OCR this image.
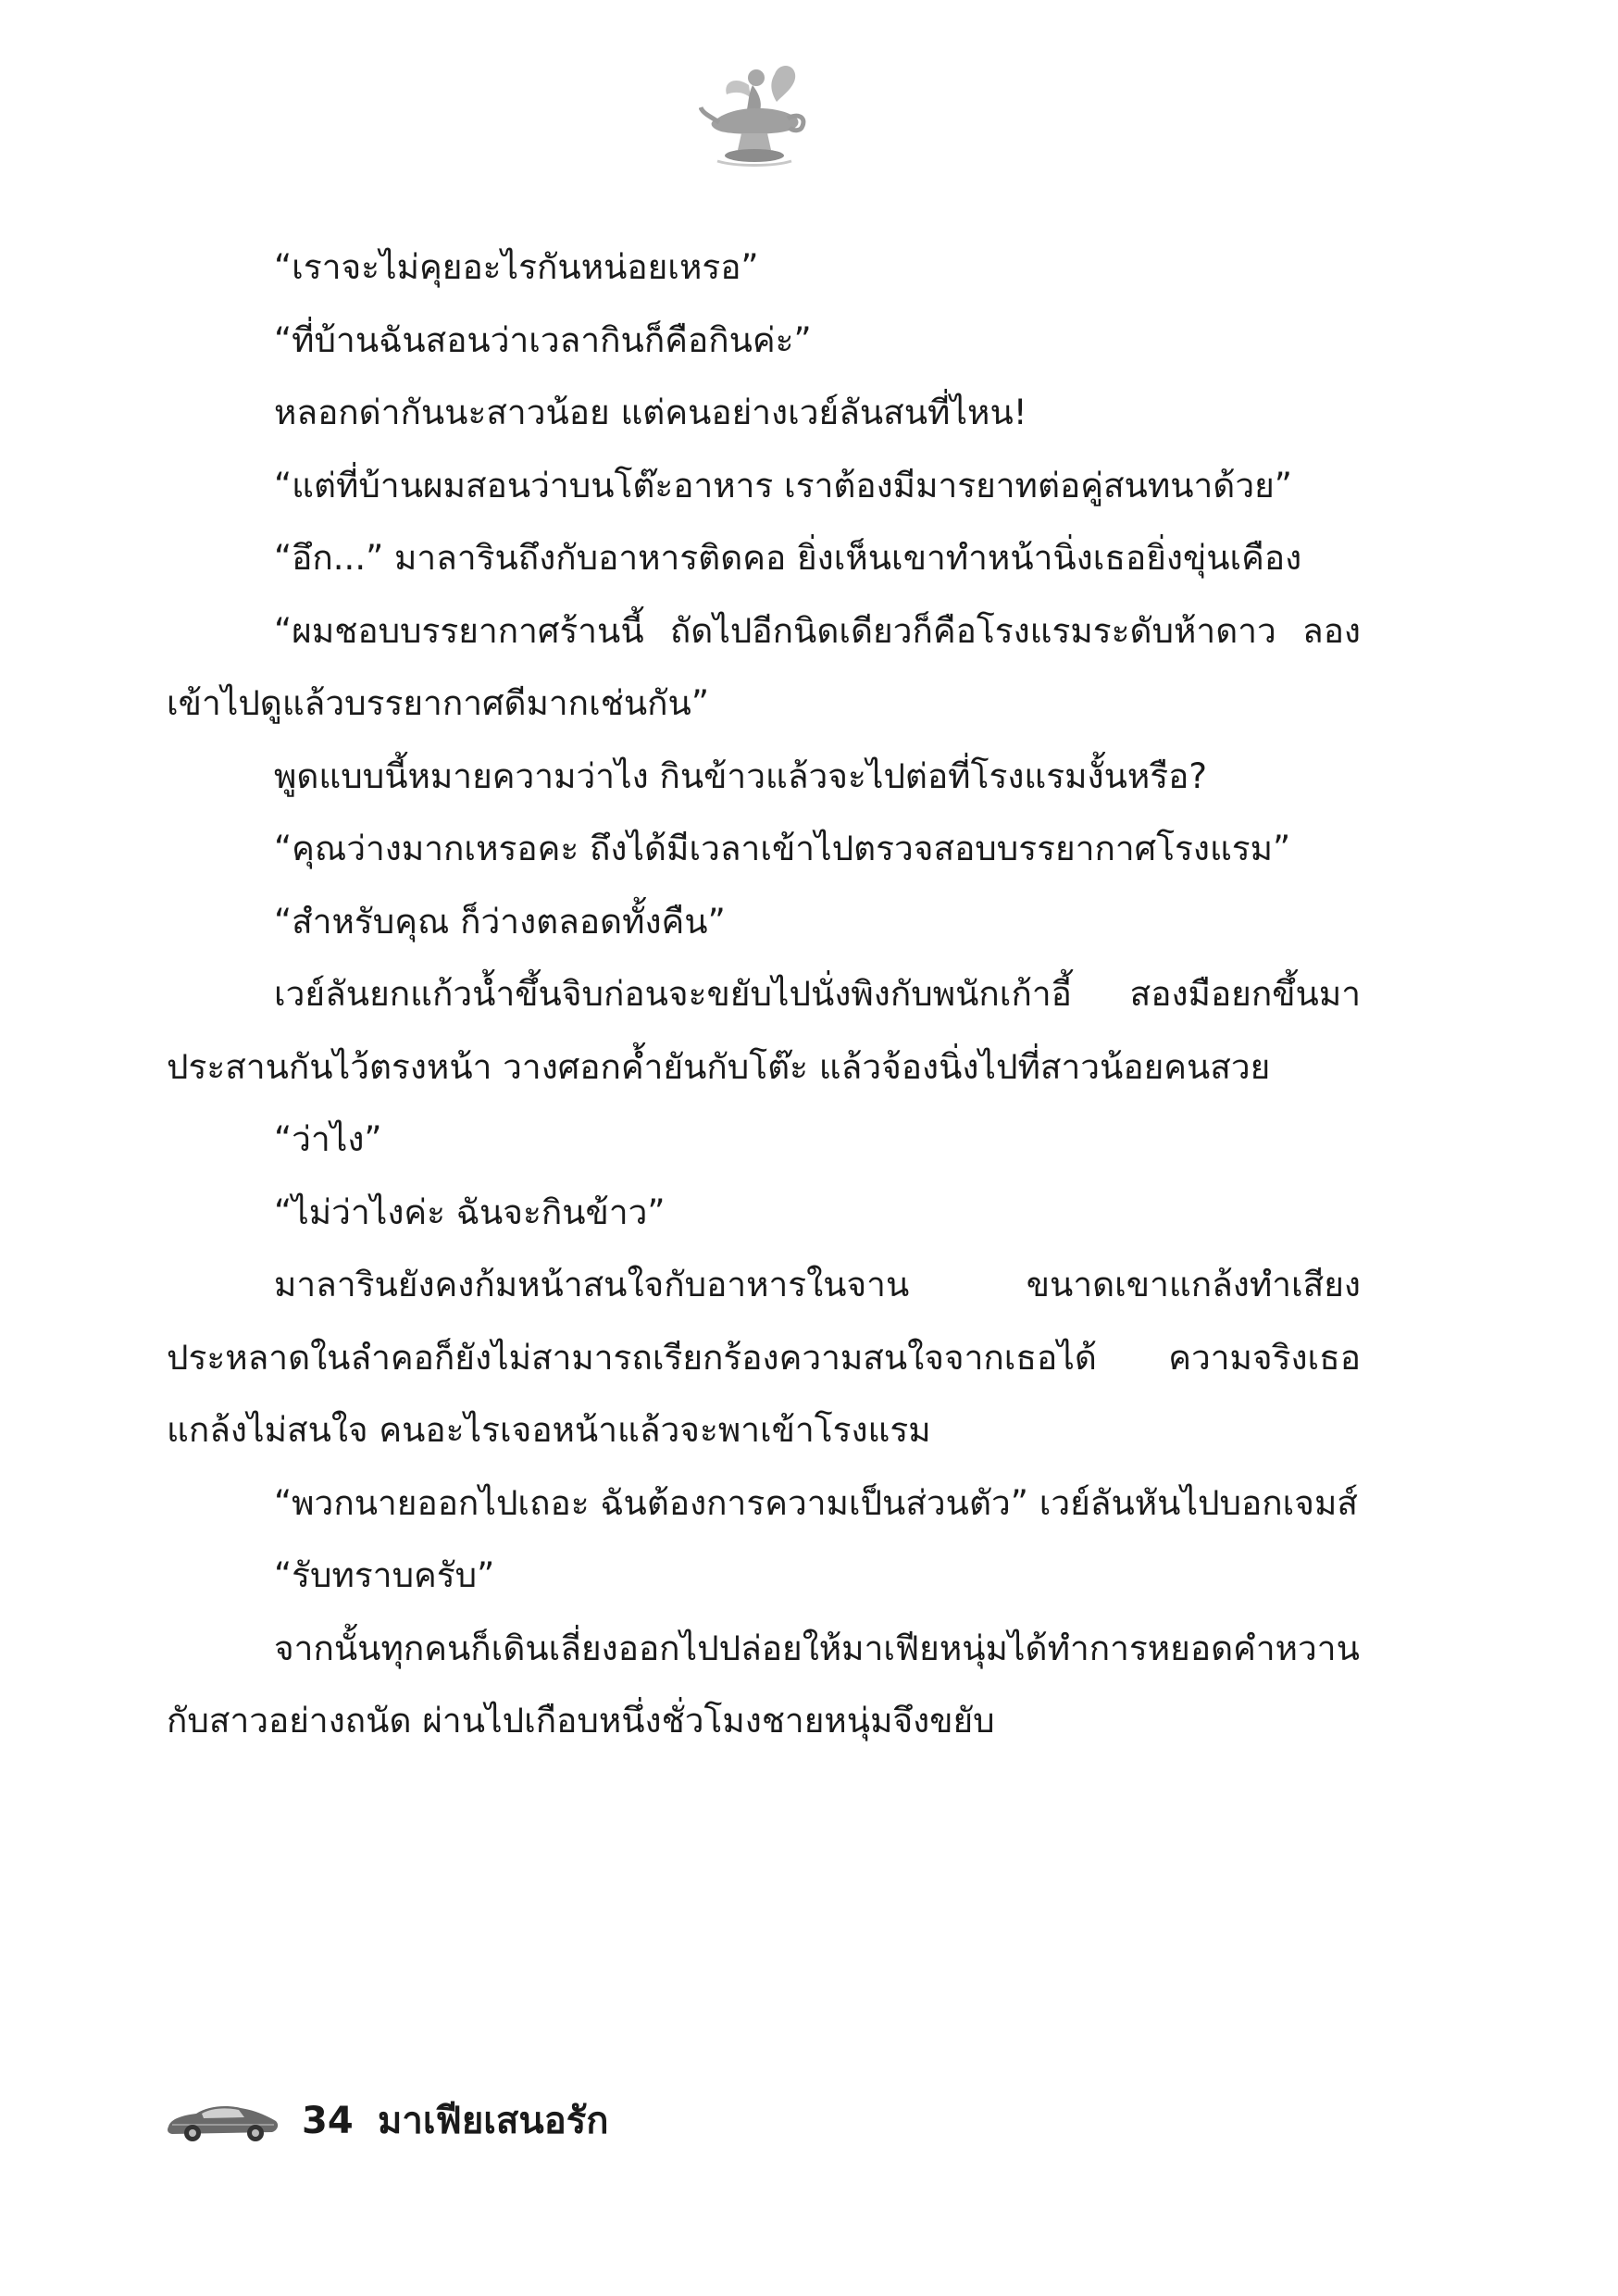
“เราจะไม่คุยอะไรกันหน่อยเหรอ”

“ที่บ้านฉันสอนว่าเวลากินก็คือกินค่ะ”

หลอกด่ากันนะสาวน้อย แต่คนอย่างเวย์ลันสนที่ไหน!

“แต่ที่บ้านผมสอนว่าบนโต๊ะอาหาร เราต้องมีมารยาทต่อคู่สนทนาด้วย”

“อึก...” มาลารินถึงกับอาหารติดคอ ยิ่งเห็นเขาทำหน้านิ่งเธอยิ่งขุ่นเคือง

“ผมชอบบรรยากาศร้านนี้ ถัดไปอีกนิดเดียวก็คือโรงแรมระดับห้าดาว ลองเข้าไปดูแล้วบรรยากาศดีมากเช่นกัน”

พูดแบบนี้หมายความว่าไง กินข้าวแล้วจะไปต่อที่โรงแรมงั้นหรือ?

“คุณว่างมากเหรอคะ ถึงได้มีเวลาเข้าไปตรวจสอบบรรยากาศโรงแรม”

“สำหรับคุณ ก็ว่างตลอดทั้งคืน”

เวย์ลันยกแก้วน้ำขึ้นจิบก่อนจะขยับไปนั่งพิงกับพนักเก้าอี้ สองมือยกขึ้นมาประสานกันไว้ตรงหน้า วางศอกค้ำยันกับโต๊ะ แล้วจ้องนิ่งไปที่สาวน้อยคนสวย

“ว่าไง”

“ไม่ว่าไงค่ะ ฉันจะกินข้าว”

มาลารินยังคงก้มหน้าสนใจกับอาหารในจาน ขนาดเขาแกล้งทำเสียงประหลาดในลำคอก็ยังไม่สามารถเรียกร้องความสนใจจากเธอได้ ความจริงเธอแกล้งไม่สนใจ คนอะไรเจอหน้าแล้วจะพาเข้าโรงแรม

“พวกนายออกไปเถอะ ฉันต้องการความเป็นส่วนตัว” เวย์ลันหันไปบอกเจมส์

“รับทราบครับ”

จากนั้นทุกคนก็เดินเลี่ยงออกไปปล่อยให้มาเฟียหนุ่มได้ทำการหยอดคำหวานกับสาวอย่างถนัด ผ่านไปเกือบหนึ่งชั่วโมงชายหนุ่มจึงขยับ

34 มาเฟียเสนอรัก
